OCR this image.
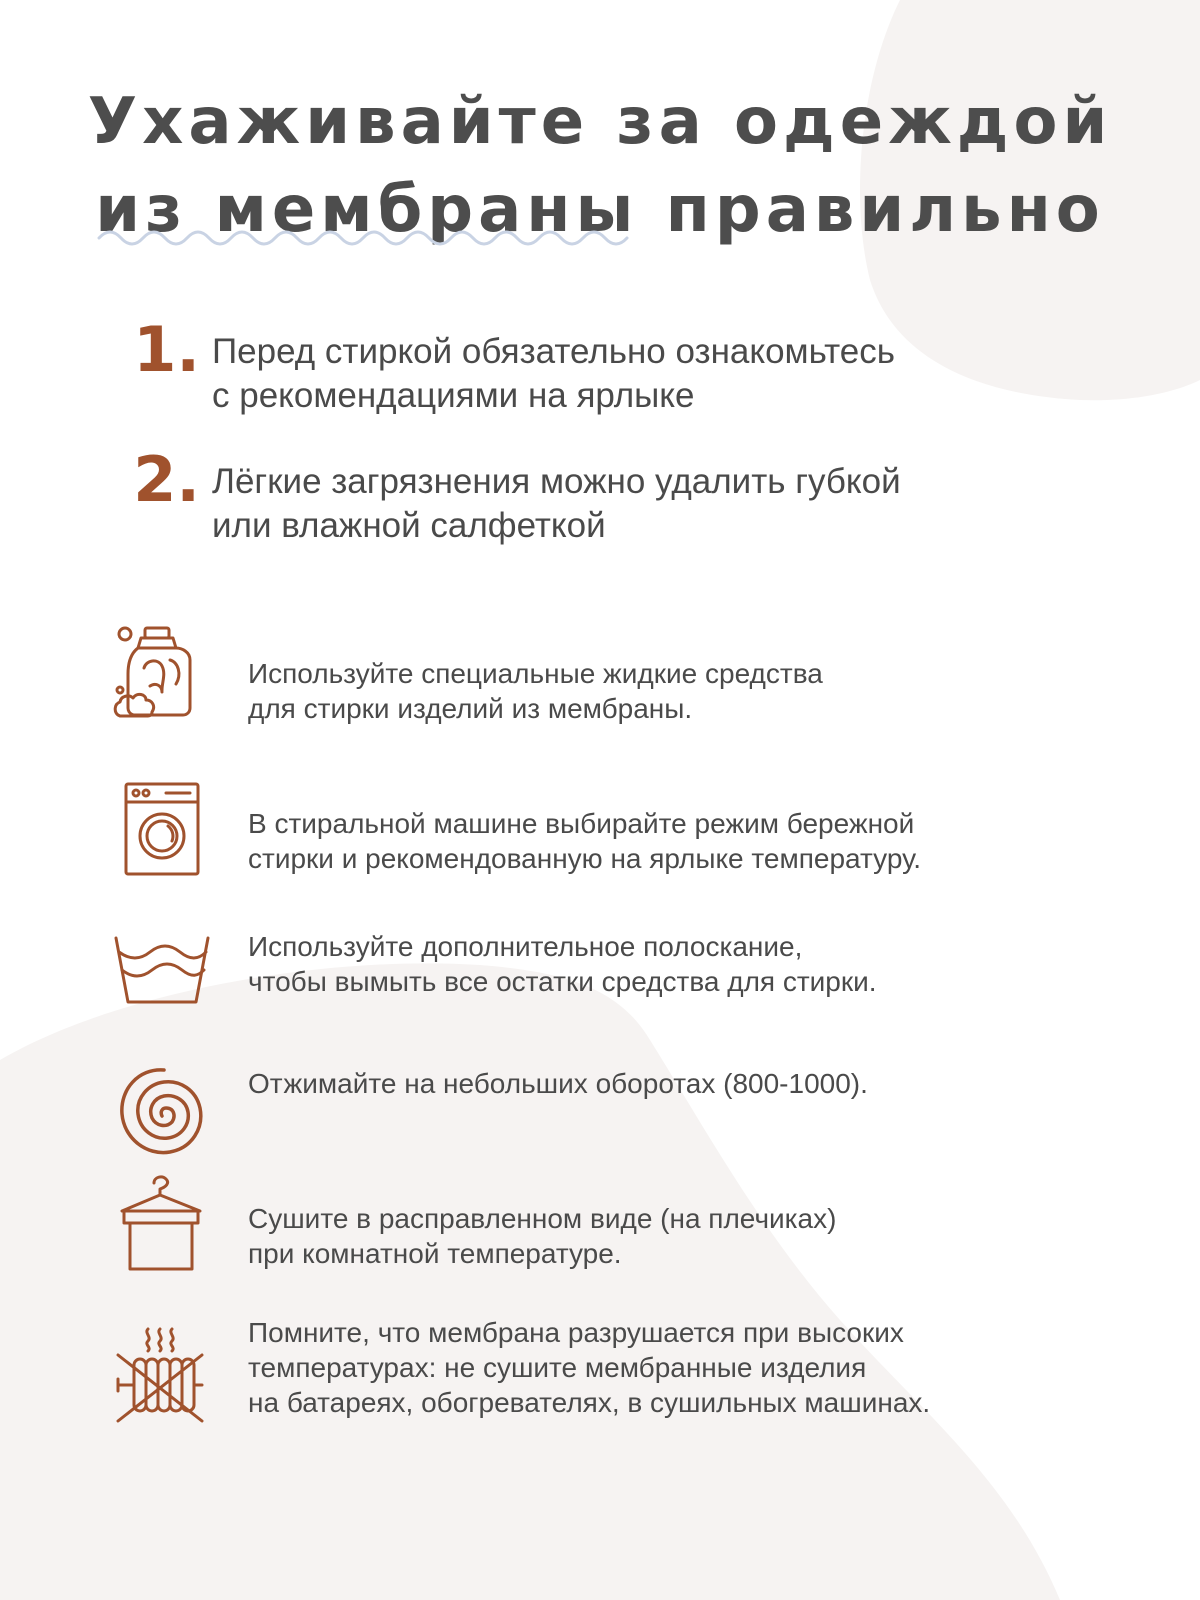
Ухаживайте за одеждой
из мембраны правильно
1. Перед стиркой обязательно ознакомьтесь
с рекомендациями на ярлыке
2. Лёгкие загрязнения можно удалить губкой
или влажной салфеткой
Используйте специальные жидкие средства
для стирки изделий из мембраны.
В стиральной машине выбирайте режим бережной
стирки и рекомендованную на ярлыке температуру.
Используйте дополнительное полоскание,
чтобы вымыть все остатки средства для стирки.
Отжимайте на небольших оборотах (800-1000).
Сушите в расправленном виде (на плечиках)
при комнатной температуре.
Помните, что мембрана разрушается при высоких
температурах: не сушите мембранные изделия
на батареях, обогревателях, в сушильных машинах.
